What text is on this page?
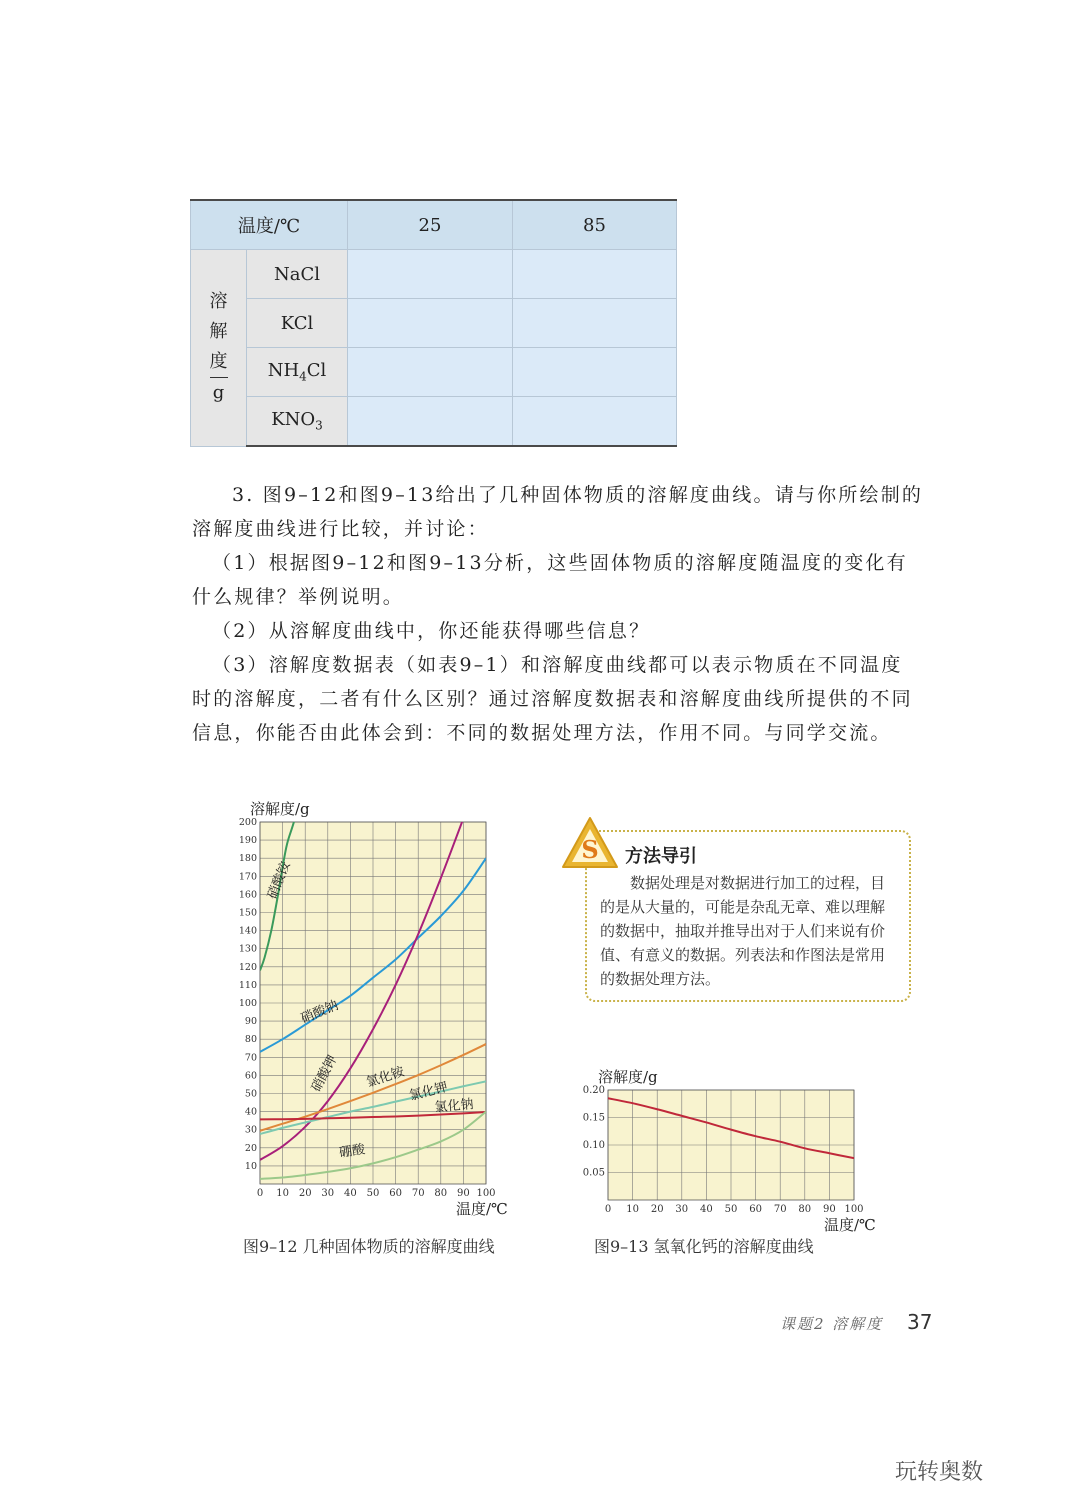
温度/℃		25	85

溶
解
度
g	NaCl		
	KCl		
	$NH_4Cl$		
	$KNO_3$		

3. 图9–12和图9–13给出了几种固体物质的溶解度曲线。请与你所绘制的

溶解度曲线进行比较，并讨论：

（1）根据图9–12和图9–13分析，这些固体物质的溶解度随温度的变化有

什么规律？举例说明。

（2）从溶解度曲线中，你还能获得哪些信息？

（3）溶解度数据表（如表9–1）和溶解度曲线都可以表示物质在不同温度

时的溶解度，二者有什么区别？通过溶解度数据表和溶解度曲线所提供的不同

信息，你能否由此体会到：不同的数据处理方法，作用不同。与同学交流。

0 10 20 30 40 50 60 70 80 90 100
10
20
30
40
50
60
70
80
90
100
110
120
130
140
150
160
170
180
190
200
溶解度/g
温度/℃
硝酸铵
硝酸钠
硝酸钾 氯化铵
氯化钾
氯化钠
硼酸
图9–12 几种固体物质的溶解度曲线
S 方法导引
数据处理是对数据进行加工的过程，目的是从大量的，可能是杂乱无章、难以理解的数据中，抽取并推导出对于人们来说有价值、有意义的数据。列表法和作图法是常用的数据处理方法。
0 10 20 30 40 50 60 70 80 90 100
0.05
0.10
0.15
0.20
溶解度/g
温度/℃
图9–13 氢氧化钙的溶解度曲线
课题2 溶解度 37
玩转奥数
